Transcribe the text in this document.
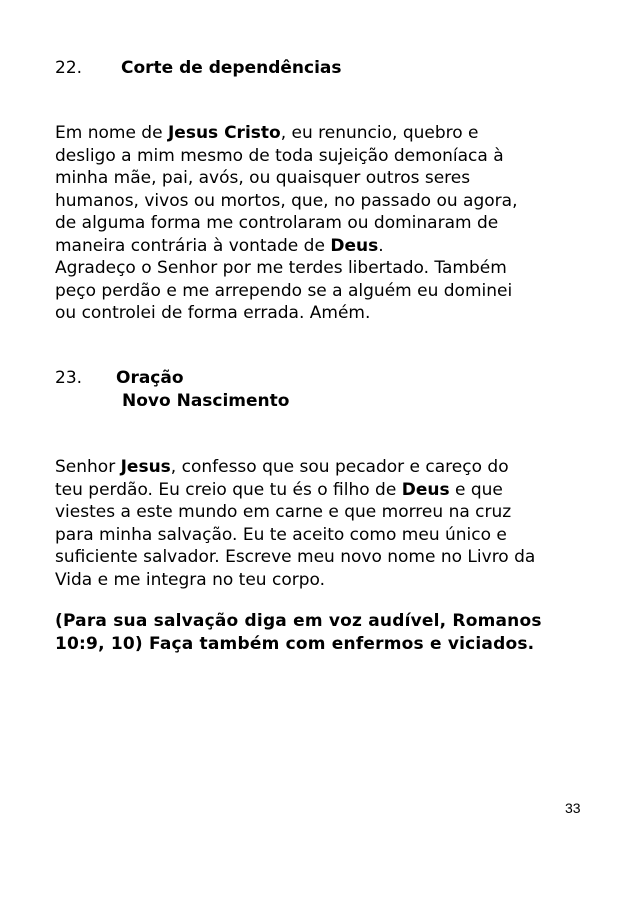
22. Corte de dependências
Em nome de Jesus Cristo, eu renuncio, quebro e
desligo a mim mesmo de toda sujeição demoníaca à
minha mãe, pai, avós, ou quaisquer outros seres
humanos, vivos ou mortos, que, no passado ou agora,
de alguma forma me controlaram ou dominaram de
maneira contrária à vontade de Deus.
Agradeço o Senhor por me terdes libertado. Também
peço perdão e me arrependo se a alguém eu dominei
ou controlei de forma errada. Amém.
23. Oração
Novo Nascimento
Senhor Jesus, confesso que sou pecador e careço do
teu perdão. Eu creio que tu és o filho de Deus e que
viestes a este mundo em carne e que morreu na cruz
para minha salvação. Eu te aceito como meu único e
suficiente salvador. Escreve meu novo nome no Livro da
Vida e me integra no teu corpo.
(Para sua salvação diga em voz audível, Romanos
10:9, 10) Faça também com enfermos e viciados.
33
